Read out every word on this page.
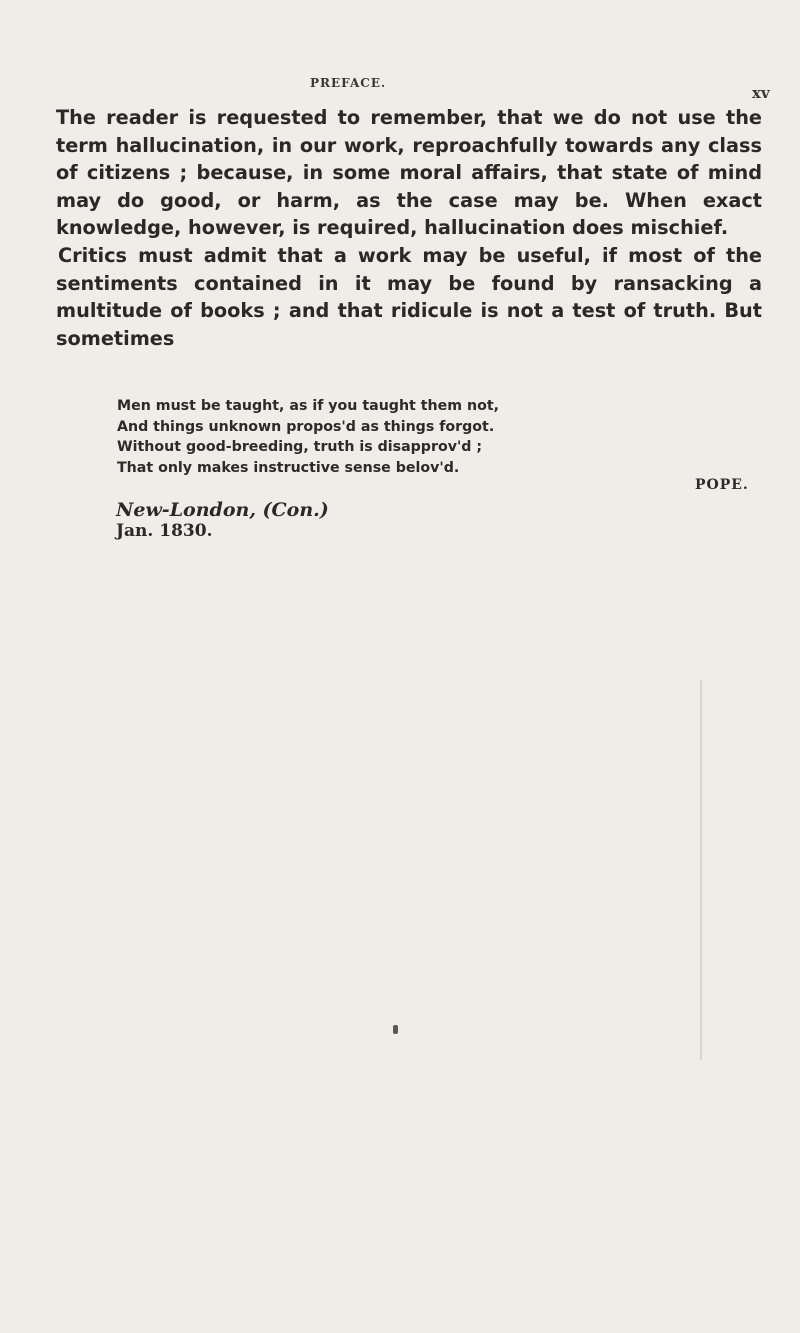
PREFACE.
xv

The reader is requested to remember, that we do not use the term hallucination, in our work, reproachfully towards any class of citizens ; because, in some moral affairs, that state of mind may do good, or harm, as the case may be. When exact knowledge, however, is required, hallucination does mischief.

Critics must admit that a work may be useful, if most of the sentiments contained in it may be found by ransacking a multitude of books ; and that ridicule is not a test of truth. But sometimes

Men must be taught, as if you taught them not,
And things unknown propos'd as things forgot.
Without good-breeding, truth is disapprov'd ;
That only makes instructive sense belov'd.
POPE.
New-London, (Con.)
Jan. 1830.
